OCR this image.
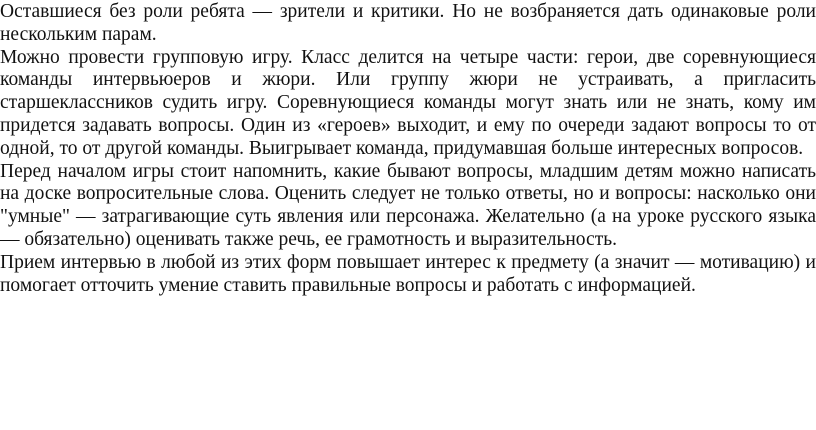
Оставшиеся без роли ребята — зрители и критики. Но не возбраняется дать одинаковые роли нескольким парам.

Можно провести групповую игру. Класс делится на четыре части: герои, две соревнующиеся команды интервьюеров и жюри. Или группу жюри не устраивать, а пригласить старшеклассников судить игру. Соревнующиеся команды могут знать или не знать, кому им придется задавать вопросы. Один из «героев» выходит, и ему по очереди задают вопросы то от одной, то от другой команды. Выигрывает команда, придумавшая больше интересных вопросов.

Перед началом игры стоит напомнить, какие бывают вопросы, младшим детям можно написать на доске вопросительные слова. Оценить следует не только ответы, но и вопросы: насколько они "умные" — затрагивающие суть явления или персонажа. Желательно (а на уроке русского языка — обязательно) оценивать также речь, ее грамотность и выразительность.

Прием интервью в любой из этих форм повышает интерес к предмету (а значит — мотивацию) и помогает отточить умение ставить правильные вопросы и работать с информацией.
